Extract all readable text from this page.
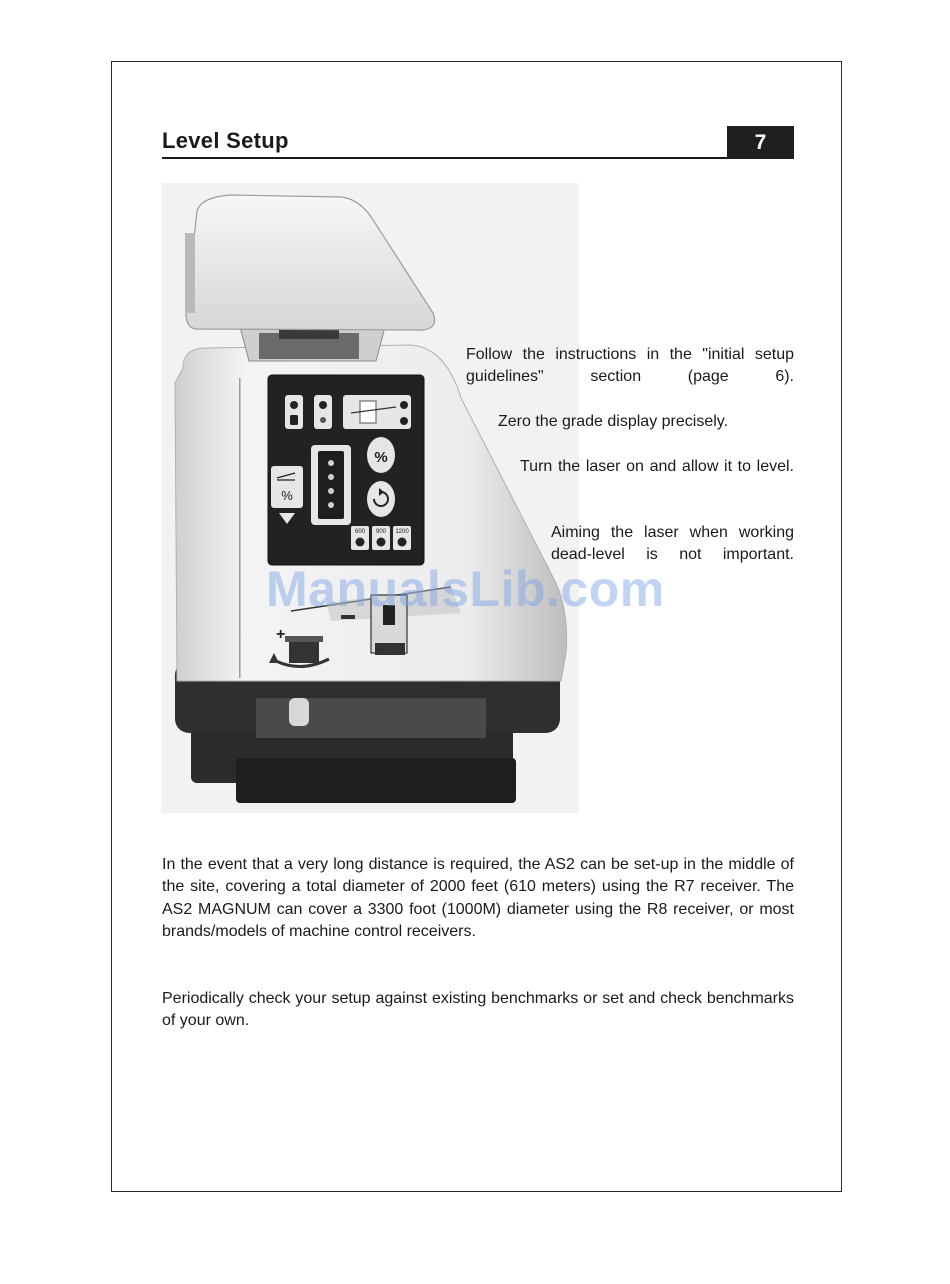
Level Setup	7
%
%
600 900 1200
+
Follow the instructions in the "initial setup guidelines" section (page 6).
Zero the grade display precisely.
Turn the laser on and allow it to level.
Aiming the laser when working dead-level is not important.
ManualsLib.com
In the event that a very long distance is required, the AS2 can be set-up in the middle of the site, covering a total diameter of 2000 feet (610 meters) using the R7 receiver. The AS2 MAGNUM can cover a 3300 foot (1000M) diameter using the R8 receiver, or most brands/models of machine control receivers.
Periodically check your setup against existing benchmarks or set and check benchmarks of your own.
